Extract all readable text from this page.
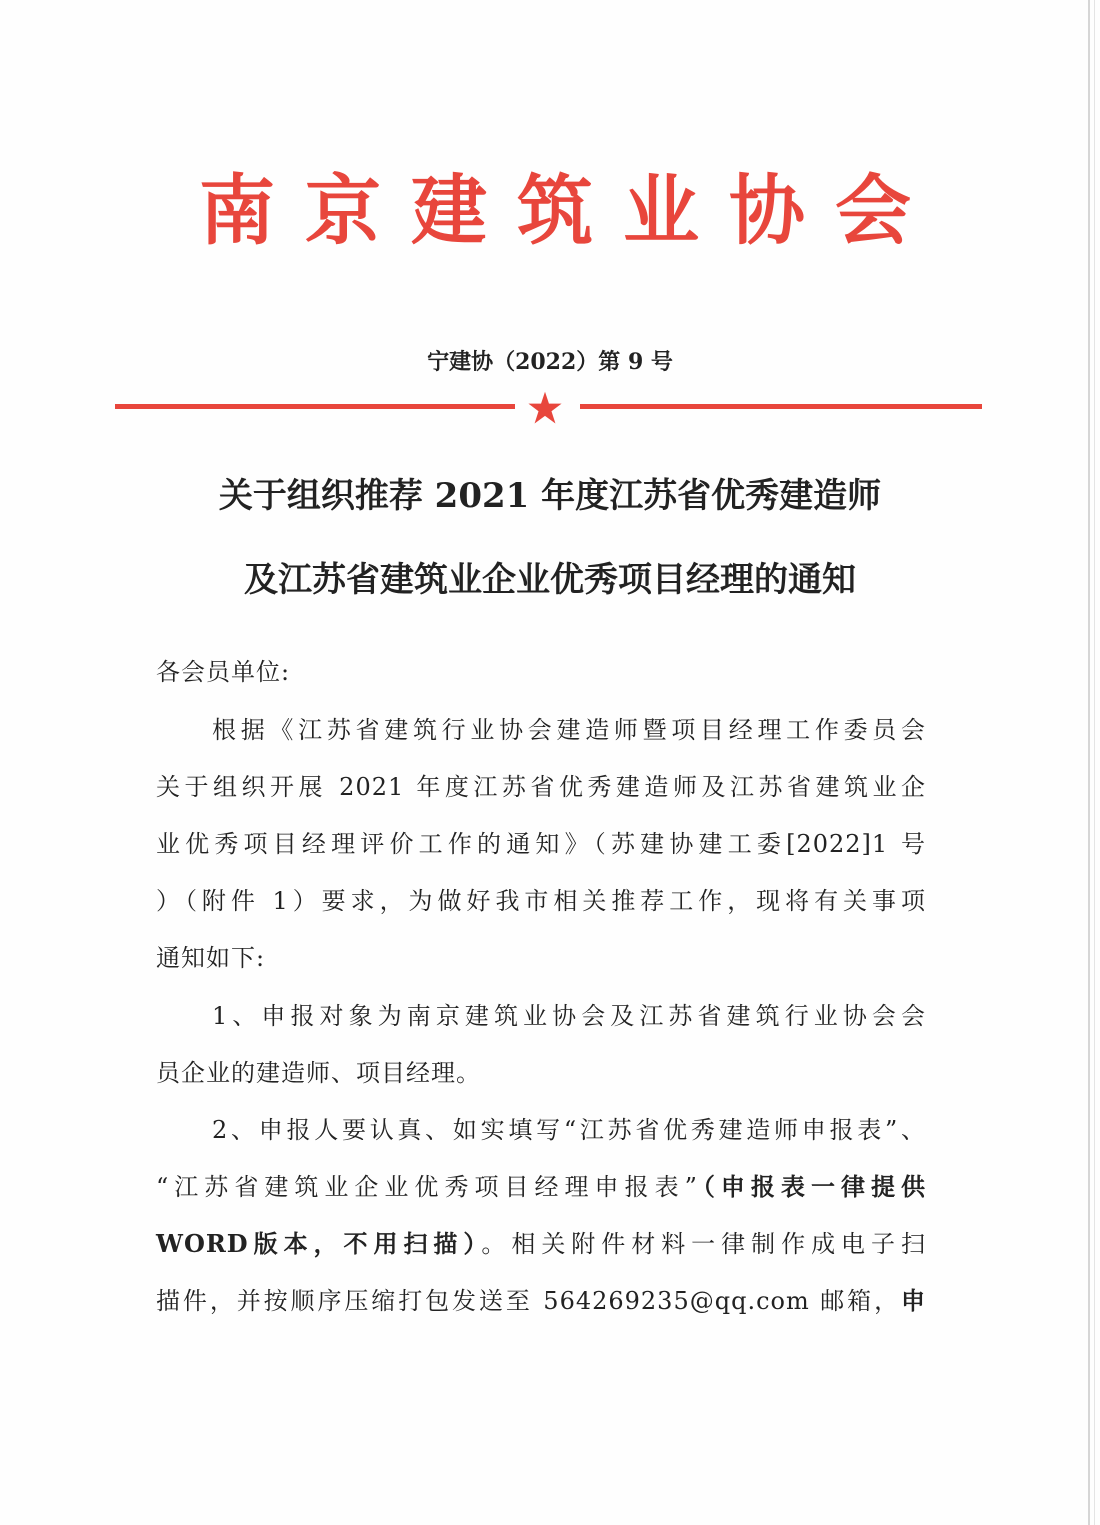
南京建筑业协会
宁建协（2022）第 9 号
关于组织推荐 2021 年度江苏省优秀建造师
及江苏省建筑业企业优秀项目经理的通知
各会员单位:
根据《江苏省建筑行业协会建造师暨项目经理工作委员会
关于组织开展 2021 年度江苏省优秀建造师及江苏省建筑业企
业优秀项目经理评价工作的通知》（苏建协建工委[2022]1 号
）（附件 1）要求，为做好我市相关推荐工作，现将有关事项
通知如下:
1、申报对象为南京建筑业协会及江苏省建筑行业协会会
员企业的建造师、项目经理。
2、申报人要认真、如实填写“江苏省优秀建造师申报表”、
“江苏省建筑业企业优秀项目经理申报表”（申报表一律提供
WORD版本，不用扫描）。相关附件材料一律制作成电子扫
描件，并按顺序压缩打包发送至 564269235@qq.com 邮箱，申
